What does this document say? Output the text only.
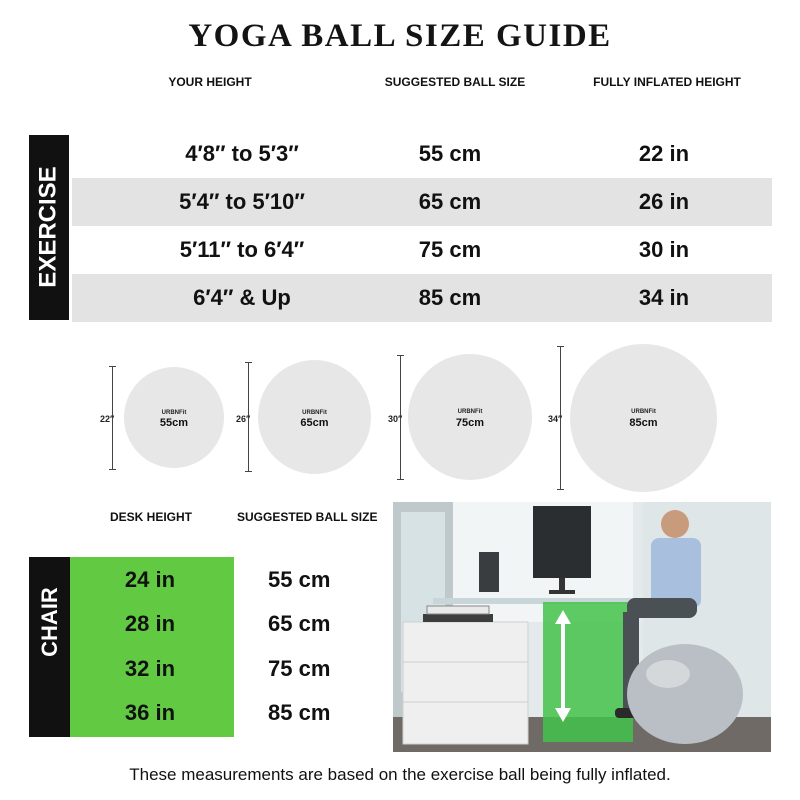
YOGA BALL SIZE GUIDE
YOUR HEIGHT	SUGGESTED BALL SIZE	FULLY INFLATED HEIGHT
EXERCISE
4′8″ to 5′3″	55 cm	22 in
5′4″ to 5′10″	65 cm	26 in
5′11″ to 6′4″	75 cm	30 in
6′4″ & Up	85 cm	34 in
22″
URBNFit
55cm	26″
URBNFit
65cm	30″
URBNFit
75cm	34″
URBNFit
85cm
DESK HEIGHT	SUGGESTED BALL SIZE
CHAIR
24 in	55 cm
28 in	65 cm
32 in	75 cm
36 in	85 cm
These measurements are based on the exercise ball being fully inflated.
